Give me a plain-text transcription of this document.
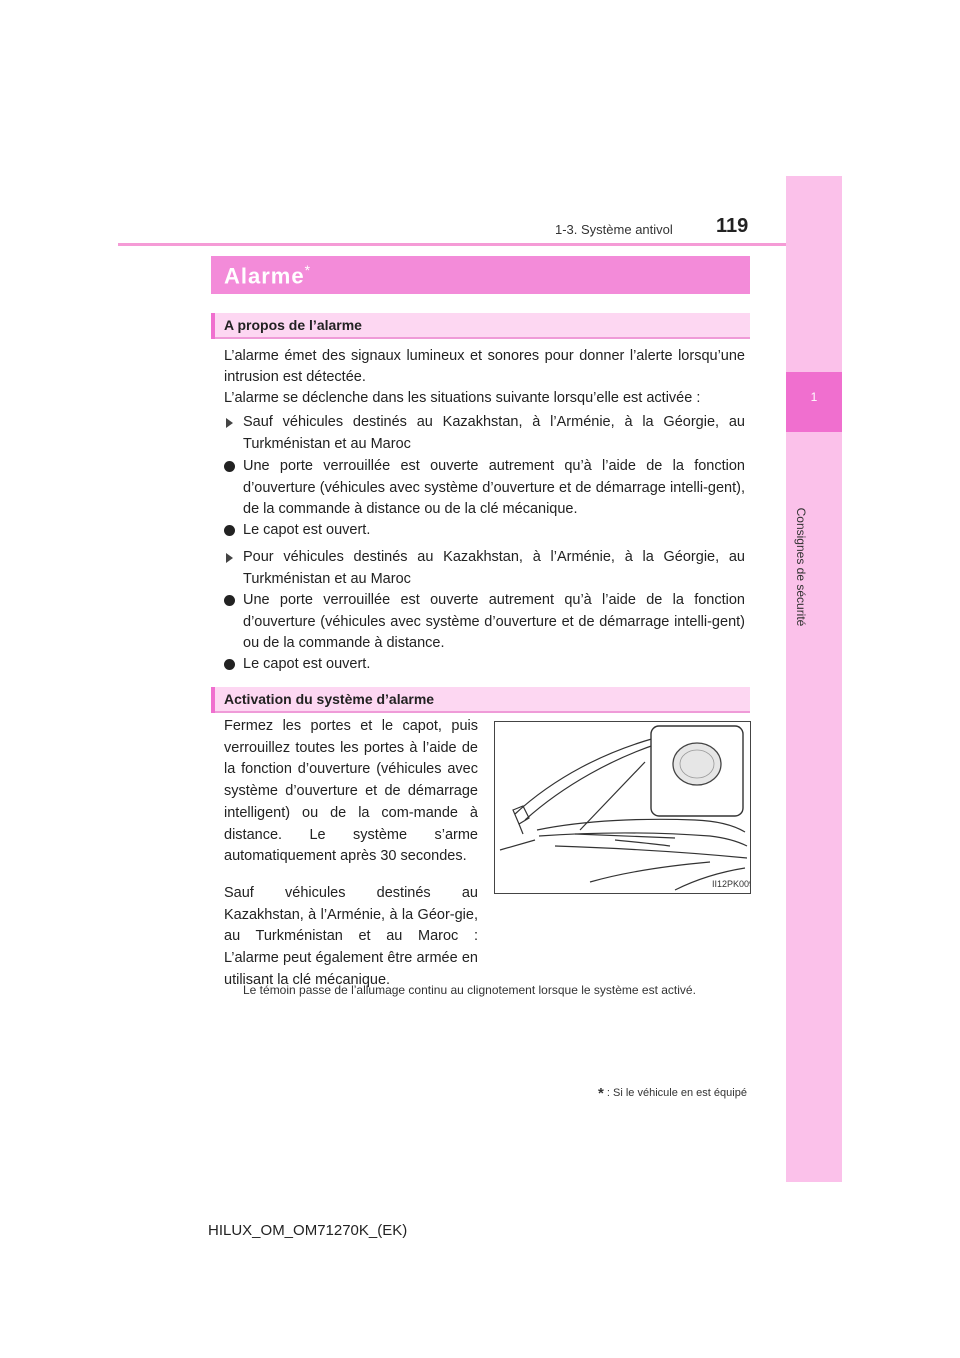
1
Consignes de sécurité
1-3. Système antivol 119
Alarme*
A propos de l’alarme
L’alarme émet des signaux lumineux et sonores pour donner l’alerte lorsqu’une intrusion est détectée.
L’alarme se déclenche dans les situations suivante lorsqu’elle est activée :
Sauf véhicules destinés au Kazakhstan, à l’Arménie, à la Géorgie, au Turkménistan et au Maroc
Une porte verrouillée est ouverte autrement qu’à l’aide de la fonction d’ouverture (véhicules avec système d’ouverture et de démarrage intelli-gent), de la commande à distance ou de la clé mécanique.
Le capot est ouvert.
Pour véhicules destinés au Kazakhstan, à l’Arménie, à la Géorgie, au Turkménistan et au Maroc
Une porte verrouillée est ouverte autrement qu’à l’aide de la fonction d’ouverture (véhicules avec système d’ouverture et de démarrage intelli-gent) ou de la commande à distance.
Le capot est ouvert.
Activation du système d’alarme
Fermez les portes et le capot, puis verrouillez toutes les portes à l’aide de la fonction d’ouverture (véhicules avec système d’ouverture et de démarrage intelligent) ou de la com-mande à distance. Le système s’arme automatiquement après 30 secondes.
Sauf véhicules destinés au Kazakhstan, à l’Arménie, à la Géor-gie, au Turkménistan et au Maroc : L’alarme peut également être armée en utilisant la clé mécanique.
II12PK009
Le témoin passe de l’allumage continu au clignotement lorsque le système est activé.
* : Si le véhicule en est équipé
HILUX_OM_OM71270K_(EK)
